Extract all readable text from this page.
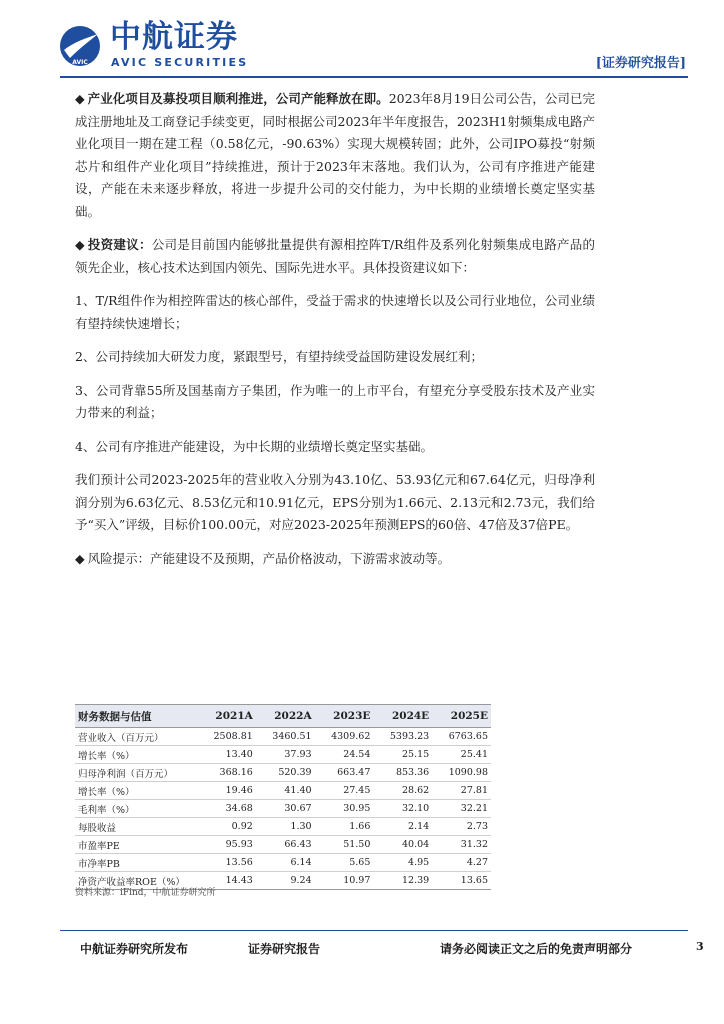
AVIC
中航证券
AVIC SECURITIES	[证券研究报告]

◆ 产业化项目及募投项目顺利推进，公司产能释放在即。2023年8月19日公司公告，公司已完成注册地址及工商登记手续变更，同时根据公司2023年半年度报告，2023H1射频集成电路产业化项目一期在建工程（0.58亿元，-90.63%）实现大规模转固；此外，公司IPO募投“射频芯片和组件产业化项目”持续推进，预计于2023年末落地。我们认为，公司有序推进产能建设，产能在未来逐步释放，将进一步提升公司的交付能力，为中长期的业绩增长奠定坚实基础。

◆ 投资建议：公司是目前国内能够批量提供有源相控阵T/R组件及系列化射频集成电路产品的领先企业，核心技术达到国内领先、国际先进水平。具体投资建议如下：

1、T/R组件作为相控阵雷达的核心部件，受益于需求的快速增长以及公司行业地位，公司业绩有望持续快速增长；

2、公司持续加大研发力度，紧跟型号，有望持续受益国防建设发展红利；

3、公司背靠55所及国基南方子集团，作为唯一的上市平台，有望充分享受股东技术及产业实力带来的利益；

4、公司有序推进产能建设，为中长期的业绩增长奠定坚实基础。

我们预计公司2023-2025年的营业收入分别为43.10亿、53.93亿元和67.64亿元，归母净利润分别为6.63亿元、8.53亿元和10.91亿元，EPS分别为1.66元、2.13元和2.73元，我们给予“买入”评级，目标价100.00元，对应2023-2025年预测EPS的60倍、47倍及37倍PE。

◆ 风险提示：产能建设不及预期，产品价格波动，下游需求波动等。

财务数据与估值	2021A	2022A	2023E	2024E	2025E
营业收入（百万元）	2508.81	3460.51	4309.62	5393.23	6763.65
增长率（%）	13.40	37.93	24.54	25.15	25.41
归母净利润（百万元）	368.16	520.39	663.47	853.36	1090.98
增长率（%）	19.46	41.40	27.45	28.62	27.81
毛利率（%）	34.68	30.67	30.95	32.10	32.21
每股收益	0.92	1.30	1.66	2.14	2.73
市盈率PE	95.93	66.43	51.50	40.04	31.32
市净率PB	13.56	6.14	5.65	4.95	4.27
净资产收益率ROE（%）	14.43	9.24	10.97	12.39	13.65
资料来源：iFind，中航证券研究所
中航证券研究所发布	证券研究报告	请务必阅读正文之后的免责声明部分	3
